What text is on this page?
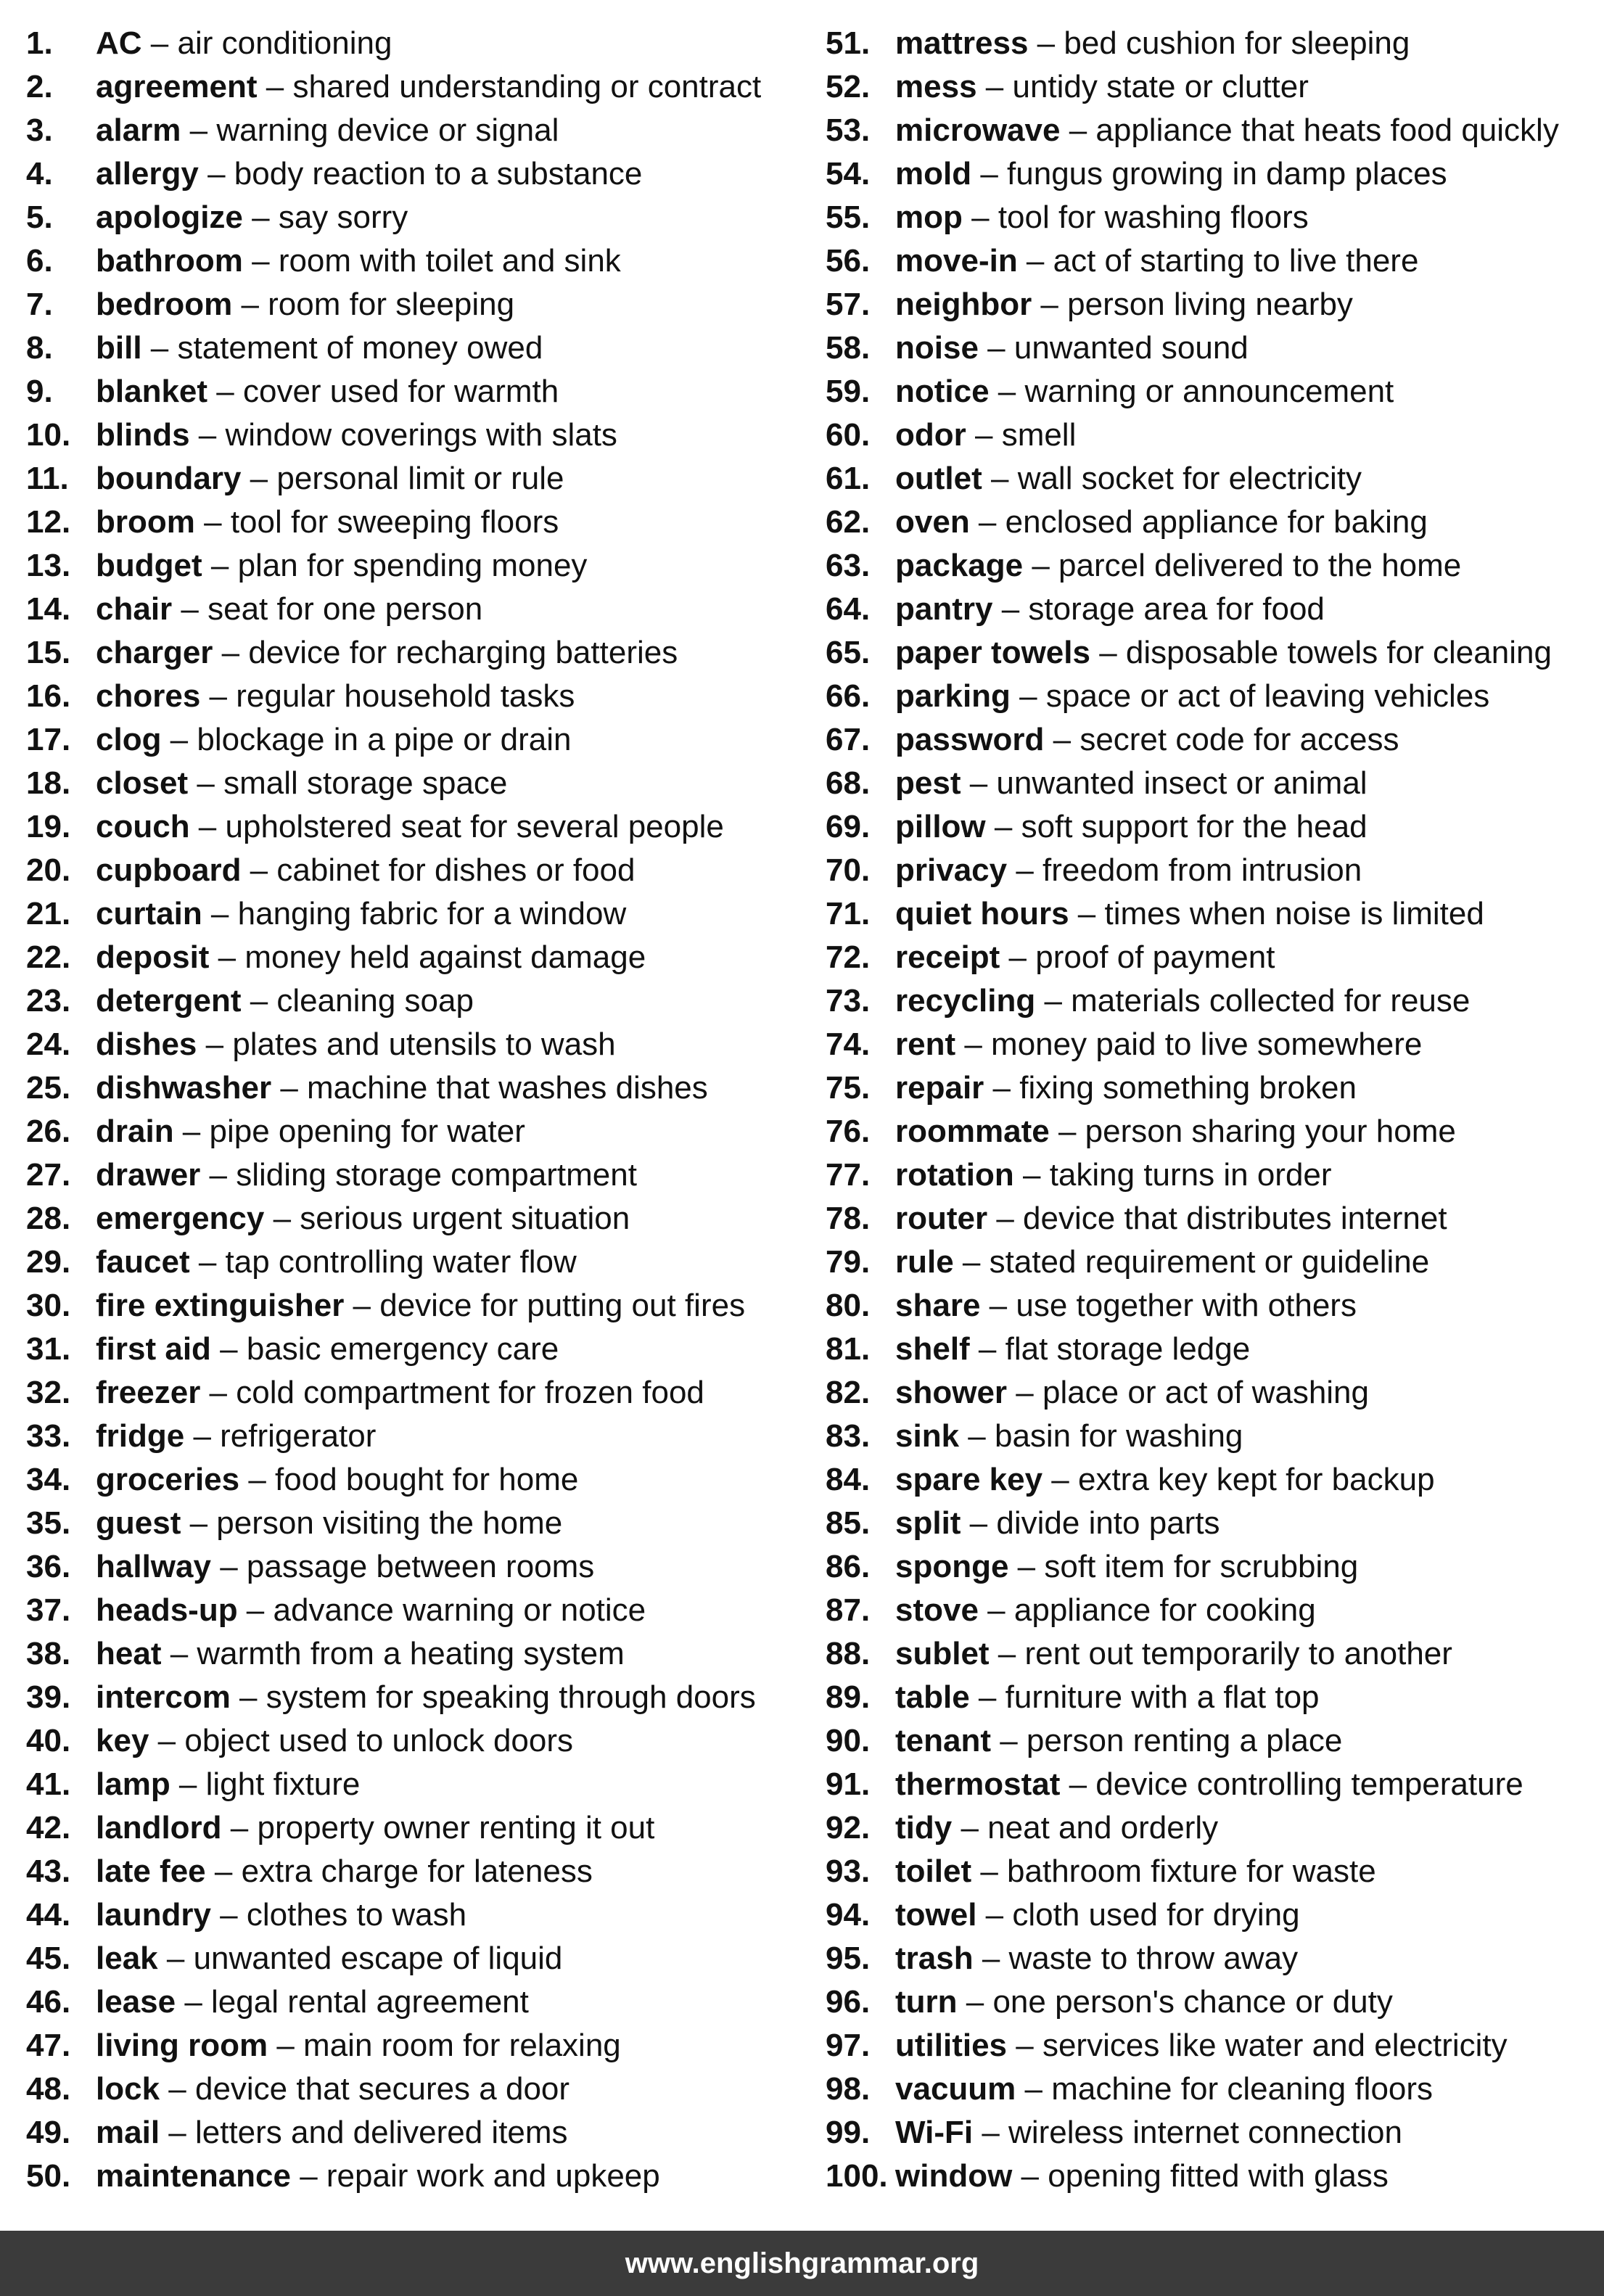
1. AC – air conditioning
2. agreement – shared understanding or contract
3. alarm – warning device or signal
4. allergy – body reaction to a substance
5. apologize – say sorry
6. bathroom – room with toilet and sink
7. bedroom – room for sleeping
8. bill – statement of money owed
9. blanket – cover used for warmth
10. blinds – window coverings with slats
11. boundary – personal limit or rule
12. broom – tool for sweeping floors
13. budget – plan for spending money
14. chair – seat for one person
15. charger – device for recharging batteries
16. chores – regular household tasks
17. clog – blockage in a pipe or drain
18. closet – small storage space
19. couch – upholstered seat for several people
20. cupboard – cabinet for dishes or food
21. curtain – hanging fabric for a window
22. deposit – money held against damage
23. detergent – cleaning soap
24. dishes – plates and utensils to wash
25. dishwasher – machine that washes dishes
26. drain – pipe opening for water
27. drawer – sliding storage compartment
28. emergency – serious urgent situation
29. faucet – tap controlling water flow
30. fire extinguisher – device for putting out fires
31. first aid – basic emergency care
32. freezer – cold compartment for frozen food
33. fridge – refrigerator
34. groceries – food bought for home
35. guest – person visiting the home
36. hallway – passage between rooms
37. heads-up – advance warning or notice
38. heat – warmth from a heating system
39. intercom – system for speaking through doors
40. key – object used to unlock doors
41. lamp – light fixture
42. landlord – property owner renting it out
43. late fee – extra charge for lateness
44. laundry – clothes to wash
45. leak – unwanted escape of liquid
46. lease – legal rental agreement
47. living room – main room for relaxing
48. lock – device that secures a door
49. mail – letters and delivered items
50. maintenance – repair work and upkeep
51. mattress – bed cushion for sleeping
52. mess – untidy state or clutter
53. microwave – appliance that heats food quickly
54. mold – fungus growing in damp places
55. mop – tool for washing floors
56. move-in – act of starting to live there
57. neighbor – person living nearby
58. noise – unwanted sound
59. notice – warning or announcement
60. odor – smell
61. outlet – wall socket for electricity
62. oven – enclosed appliance for baking
63. package – parcel delivered to the home
64. pantry – storage area for food
65. paper towels – disposable towels for cleaning
66. parking – space or act of leaving vehicles
67. password – secret code for access
68. pest – unwanted insect or animal
69. pillow – soft support for the head
70. privacy – freedom from intrusion
71. quiet hours – times when noise is limited
72. receipt – proof of payment
73. recycling – materials collected for reuse
74. rent – money paid to live somewhere
75. repair – fixing something broken
76. roommate – person sharing your home
77. rotation – taking turns in order
78. router – device that distributes internet
79. rule – stated requirement or guideline
80. share – use together with others
81. shelf – flat storage ledge
82. shower – place or act of washing
83. sink – basin for washing
84. spare key – extra key kept for backup
85. split – divide into parts
86. sponge – soft item for scrubbing
87. stove – appliance for cooking
88. sublet – rent out temporarily to another
89. table – furniture with a flat top
90. tenant – person renting a place
91. thermostat – device controlling temperature
92. tidy – neat and orderly
93. toilet – bathroom fixture for waste
94. towel – cloth used for drying
95. trash – waste to throw away
96. turn – one person's chance or duty
97. utilities – services like water and electricity
98. vacuum – machine for cleaning floors
99. Wi-Fi – wireless internet connection
100. window – opening fitted with glass
www.englishgrammar.org
